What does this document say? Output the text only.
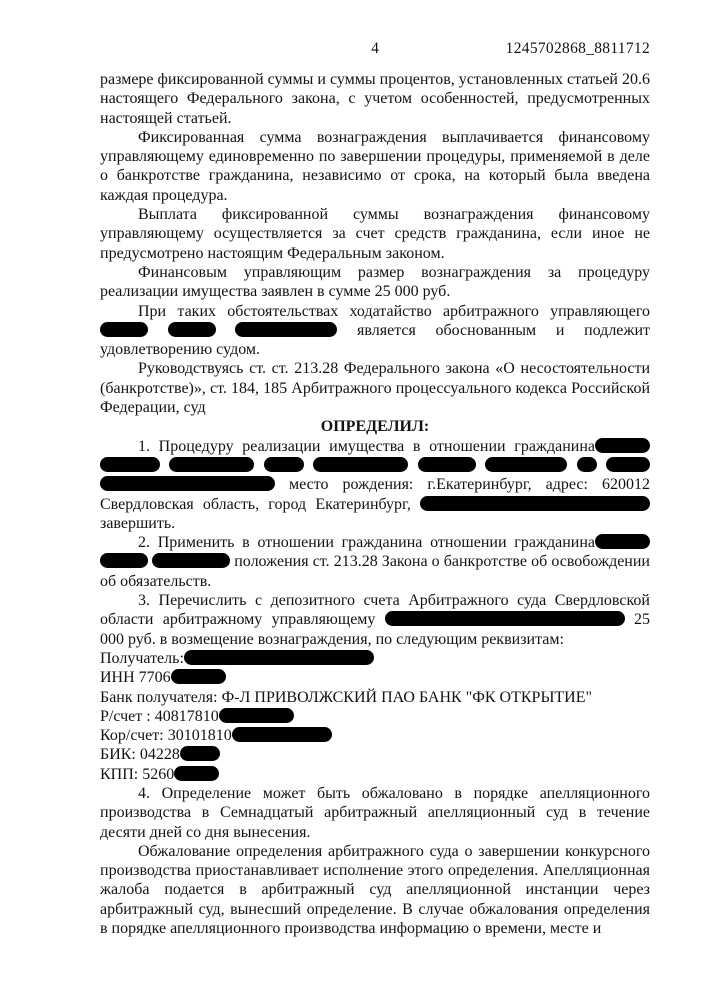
4	1245702868_8811712

размере фиксированной суммы и суммы процентов, установленных статьей 20.6 настоящего Федерального закона, с учетом особенностей, предусмотренных настоящей статьей.

Фиксированная сумма вознаграждения выплачивается финансовому управляющему единовременно по завершении процедуры, применяемой в деле о банкротстве гражданина, независимо от срока, на который была введена каждая процедура.

Выплата фиксированной суммы вознаграждения финансовому управляющему осуществляется за счет средств гражданина, если иное не предусмотрено настоящим Федеральным законом.

Финансовым управляющим размер вознаграждения за процедуру реализации имущества заявлен в сумме 25 000 руб.

При таких обстоятельствах ходатайство арбитражного управляющего    является обоснованным и подлежит удовлетворению судом.

Руководствуясь ст. ст. 213.28 Федерального закона «О несостоятельности (банкротстве)», ст. 184, 185 Арбитражного процессуального кодекса Российской Федерации, суд

ОПРЕДЕЛИЛ:

1. Процедуру реализации имущества в отношении гражданина          место рождения: г.Екатеринбург, адрес: 620012 Свердловская область, город Екатеринбург,  завершить.

2. Применить в отношении гражданина отношении гражданина   положения ст. 213.28 Закона о банкротстве об освобождении об обязательств.

3. Перечислить с депозитного счета Арбитражного суда Свердловской области арбитражному управляющему	25 000 руб. в возмещение вознаграждения, по следующим реквизитам:

Получатель:

ИНН 7706

Банк получателя: Ф-Л ПРИВОЛЖСКИЙ ПАО БАНК "ФК ОТКРЫТИЕ"

Р/счет : 40817810

Кор/счет: 30101810

БИК: 04228

КПП: 5260

4. Определение может быть обжаловано в порядке апелляционного производства в Семнадцатый арбитражный апелляционный суд в течение десяти дней со дня вынесения.

Обжалование определения арбитражного суда о завершении конкурсного производства приостанавливает исполнение этого определения. Апелляционная жалоба подается в арбитражный суд апелляционной инстанции через арбитражный суд, вынесший определение. В случае обжалования определения в порядке апелляционного производства информацию о времени, месте и
